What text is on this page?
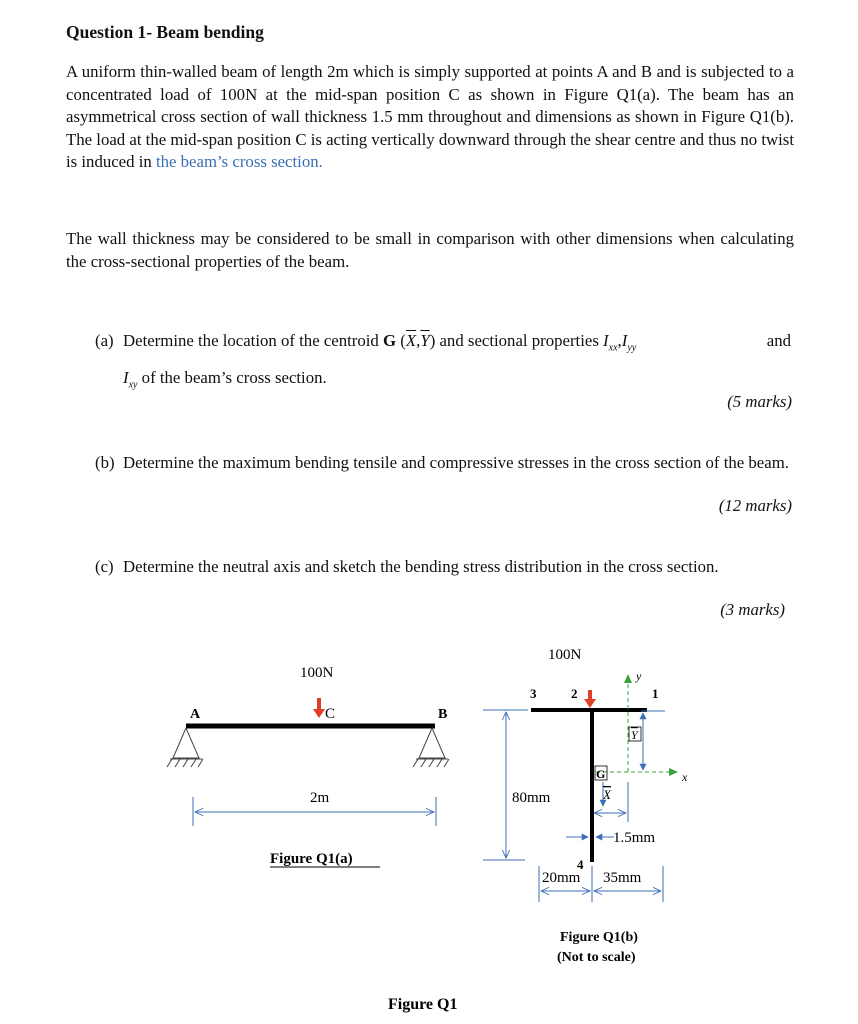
Question 1- Beam bending

A uniform thin-walled beam of length 2m which is simply supported at points A and B and is subjected to a concentrated load of 100N at the mid-span position C as shown in Figure Q1(a). The beam has an asymmetrical cross section of wall thickness 1.5 mm throughout and dimensions as shown in Figure Q1(b). The load at the mid-span position C is acting vertically downward through the shear centre and thus no twist is induced in the beam’s cross section.

The wall thickness may be considered to be small in comparison with other dimensions when calculating the cross-sectional properties of the beam.

(a) Determine the location of the centroid G $(\overline{X},\overline{Y})$ and sectional properties $I_{xx},I_{yy}$	and
$I_{xy}$ of the beam’s cross section.
(5 marks)
(b) Determine the maximum bending tensile and compressive stresses in the cross section of the beam.
(12 marks)
(c) Determine the neutral axis and sketch the bending stress distribution in the cross section.
(3 marks)
100N
C
A	B
2m
Figure Q1(a)
100N
3	2	1
4
80mm
y
x
G
Y
X
1.5mm
20mm 35mm
Figure Q1(b)
(Not to scale)
Figure Q1
